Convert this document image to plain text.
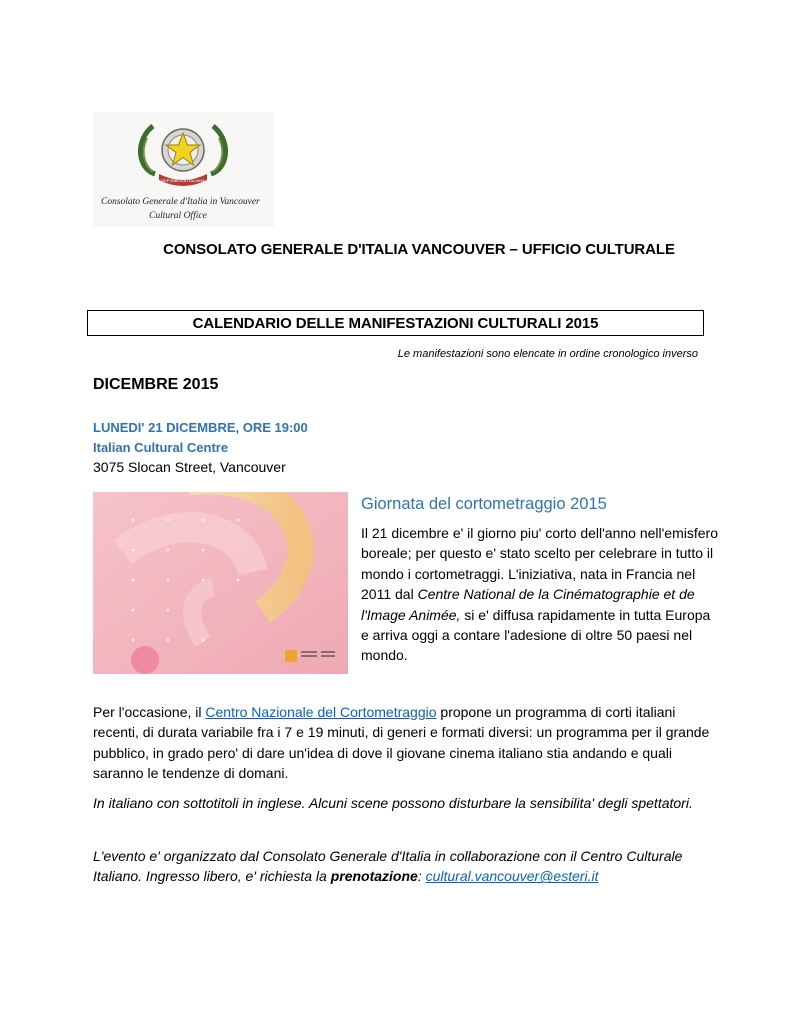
REPVBBLICA ITALIANA
Consolato Generale d'Italia in Vancouver
Cultural Office
CONSOLATO GENERALE D'ITALIA VANCOUVER – UFFICIO CULTURALE
CALENDARIO DELLE MANIFESTAZIONI CULTURALI 2015
Le manifestazioni sono elencate in ordine cronologico inverso
DICEMBRE 2015
LUNEDI' 21 DICEMBRE, ORE 19:00
Italian Cultural Centre
3075 Slocan Street, Vancouver
Giornata del cortometraggio 2015
Il 21 dicembre e' il giorno piu' corto dell'anno nell'emisfero boreale; per questo e' stato scelto per celebrare in tutto il mondo i cortometraggi. L'iniziativa, nata in Francia nel 2011 dal Centre National de la Cinématographie et de l'Image Animée, si e' diffusa rapidamente in tutta Europa e arriva oggi a contare l'adesione di oltre 50 paesi nel mondo.
Per l'occasione, il Centro Nazionale del Cortometraggio propone un programma di corti italiani recenti, di durata variabile fra i 7 e 19 minuti, di generi e formati diversi: un programma per il grande pubblico, in grado pero' di dare un'idea di dove il giovane cinema italiano stia andando e quali saranno le tendenze di domani.
In italiano con sottotitoli in inglese. Alcuni scene possono disturbare la sensibilita' degli spettatori.
L'evento e' organizzato dal Consolato Generale d'Italia in collaborazione con il Centro Culturale Italiano. Ingresso libero, e' richiesta la prenotazione: cultural.vancouver@esteri.it
